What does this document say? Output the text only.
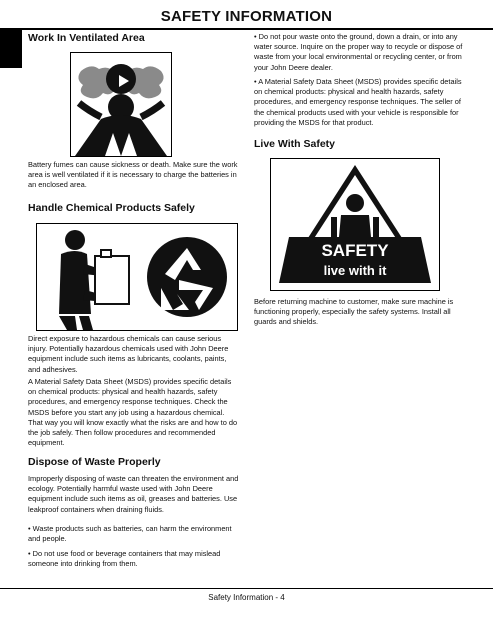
SAFETY INFORMATION
Work In Ventilated Area

Battery fumes can cause sickness or death. Make sure the work area is well ventilated if it is necessary to charge the batteries in an enclosed area.

Handle Chemical Products Safely

Direct exposure to hazardous chemicals can cause serious injury. Potentially hazardous chemicals used with John Deere equipment include such items as lubricants, coolants, paints, and adhesives.

A Material Safety Data Sheet (MSDS) provides specific details on chemical products: physical and health hazards, safety procedures, and emergency response techniques. Check the MSDS before you start any job using a hazardous chemical. That way you will know exactly what the risks are and how to do the job safely. Then follow procedures and recommended equipment.

Dispose of Waste Properly

Improperly disposing of waste can threaten the environment and ecology. Potentially harmful waste used with John Deere equipment include such items as oil, greases and batteries. Use leakproof containers when draining fluids.

• Waste products such as batteries, can harm the environment and people.

• Do not use food or beverage containers that may mislead someone into drinking from them.

• Do not pour waste onto the ground, down a drain, or into any water source. Inquire on the proper way to recycle or dispose of waste from your local environmental or recycling center, or from your John Deere dealer.

• A Material Safety Data Sheet (MSDS) provides specific details on chemical products: physical and health hazards, safety procedures, and emergency response techniques. The seller of the chemical products used with your vehicle is responsible for providing the MSDS for that product.

Live With Safety
SAFETY
live with it

Before returning machine to customer, make sure machine is functioning properly, especially the safety systems. Install all guards and shields.

Safety Information - 4
